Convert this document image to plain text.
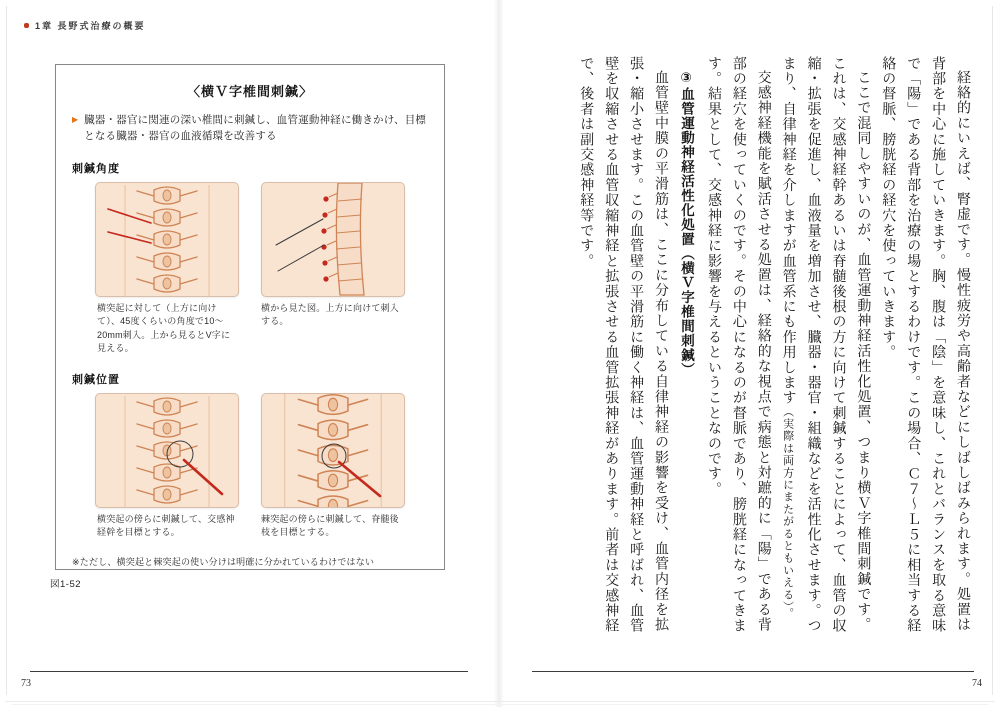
1章 長野式治療の概要
〈横Ｖ字椎間刺鍼〉
▶ 臓器・器官に関連の深い椎間に刺鍼し、血管運動神経に働きかけ、目標となる臓器・器官の血液循環を改善する
刺鍼角度
横突起に対して（上方に向けて）、45度くらいの角度で10〜20mm刺入。上から見るとV字に見える。
横から見た図。上方に向けて刺入する。
刺鍼位置
横突起の傍らに刺鍼して、交感神経幹を目標とする。
棘突起の傍らに刺鍼して、脊髄後枝を目標とする。
※ただし、横突起と棘突起の使い分けは明確に分かれているわけではない
図1-52	経絡的にいえば、腎虚です。慢性疲労や高齢者などにしばしばみられます。処置は背部を中心に施していきます。胸、腹は「陰」を意味し、これとバランスを取る意味で「陽」である背部を治療の場とするわけです。この場合、Ｃ７〜Ｌ５に相当する経絡の督脈、膀胱経の経穴を使っていきます。

ここで混同しやすいのが、血管運動神経活性化処置、つまり横Ｖ字椎間刺鍼です。これは、交感神経幹あるいは脊髄後根の方に向けて刺鍼することによって、血管の収縮・拡張を促進し、血液量を増加させ、臓器・器官・組織などを活性化させます。つまり、自律神経を介しますが血管系にも作用します（実際は両方にまたがるともいえる）。

交感神経機能を賦活させる処置は、経絡的な視点で病態と対蹠的に「陽」である背部の経穴を使っていくのです。その中心になるのが督脈であり、膀胱経になってきます。結果として、交感神経に影響を与えるということなのです。

③血管運動神経活性化処置（横Ｖ字椎間刺鍼）

血管壁中膜の平滑筋は、ここに分布している自律神経の影響を受け、血管内径を拡張・縮小させます。この血管壁の平滑筋に働く神経は、血管運動神経と呼ばれ、血管壁を収縮させる血管収縮神経と拡張させる血管拡張神経があります。前者は交感神経で、後者は副交感神経等です。

73	74
